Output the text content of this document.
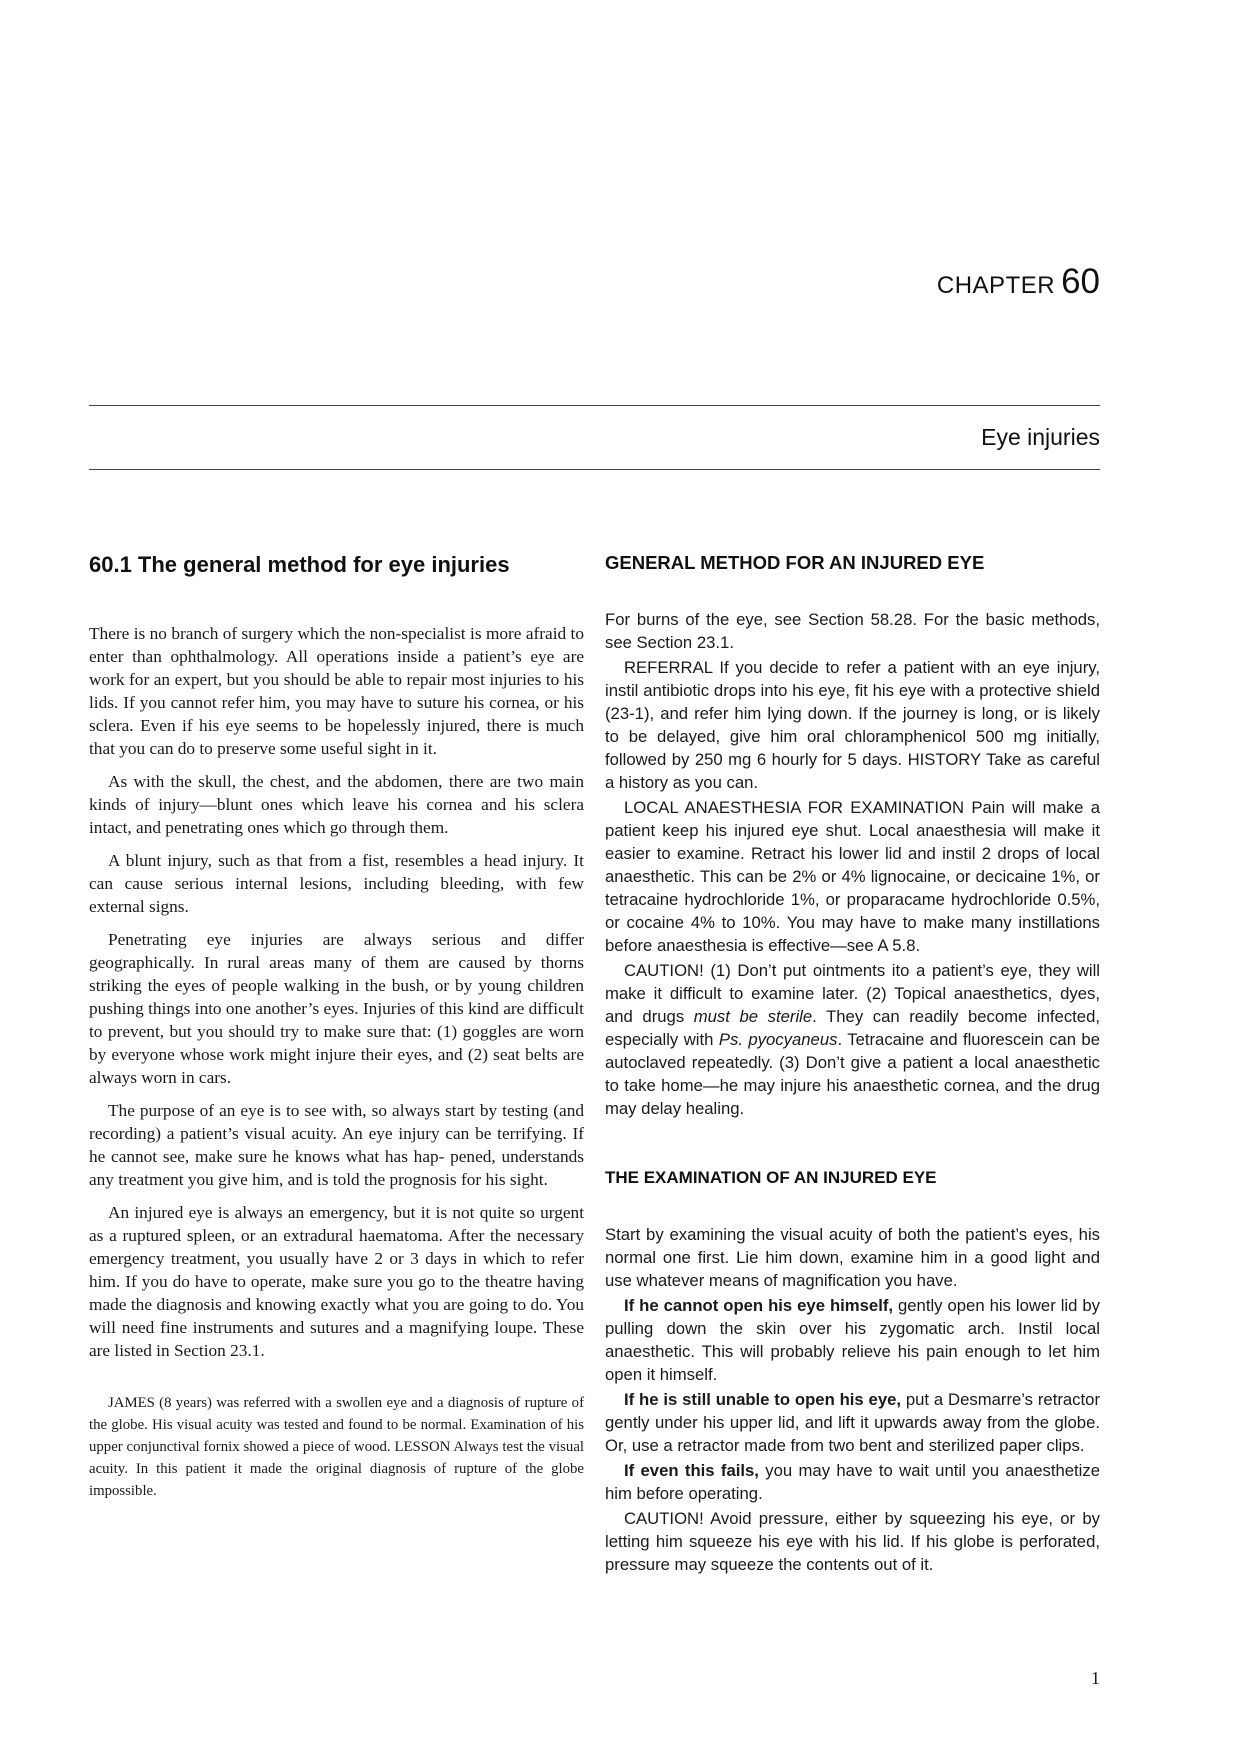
CHAPTER 60
Eye injuries
60.1 The general method for eye injuries

There is no branch of surgery which the non-specialist is more afraid to enter than ophthalmology. All operations inside a patient’s eye are work for an expert, but you should be able to repair most injuries to his lids. If you cannot refer him, you may have to suture his cornea, or his sclera. Even if his eye seems to be hopelessly injured, there is much that you can do to preserve some useful sight in it.

As with the skull, the chest, and the abdomen, there are two main kinds of injury—blunt ones which leave his cornea and his sclera intact, and penetrating ones which go through them.

A blunt injury, such as that from a fist, resembles a head injury. It can cause serious internal lesions, including bleeding, with few external signs.

Penetrating eye injuries are always serious and differ geographically. In rural areas many of them are caused by thorns striking the eyes of people walking in the bush, or by young children pushing things into one another’s eyes. Injuries of this kind are difficult to prevent, but you should try to make sure that: (1) goggles are worn by everyone whose work might injure their eyes, and (2) seat belts are always worn in cars.

The purpose of an eye is to see with, so always start by testing (and recording) a patient’s visual acuity. An eye injury can be terrifying. If he cannot see, make sure he knows what has hap- pened, understands any treatment you give him, and is told the prognosis for his sight.

An injured eye is always an emergency, but it is not quite so urgent as a ruptured spleen, or an extradural haematoma. After the necessary emergency treatment, you usually have 2 or 3 days in which to refer him. If you do have to operate, make sure you go to the theatre having made the diagnosis and knowing exactly what you are going to do. You will need fine instruments and sutures and a magnifying loupe. These are listed in Section 23.1.

JAMES (8 years) was referred with a swollen eye and a diagnosis of rupture of the globe. His visual acuity was tested and found to be normal. Examination of his upper conjunctival fornix showed a piece of wood. LESSON Always test the visual acuity. In this patient it made the original diagnosis of rupture of the globe impossible.

GENERAL METHOD FOR AN INJURED EYE

For burns of the eye, see Section 58.28. For the basic methods, see Section 23.1.

REFERRAL If you decide to refer a patient with an eye injury, instil antibiotic drops into his eye, fit his eye with a protective shield (23-1), and refer him lying down. If the journey is long, or is likely to be delayed, give him oral chloramphenicol 500 mg initially, followed by 250 mg 6 hourly for 5 days. HISTORY Take as careful a history as you can.

LOCAL ANAESTHESIA FOR EXAMINATION Pain will make a patient keep his injured eye shut. Local anaesthesia will make it easier to examine. Retract his lower lid and instil 2 drops of local anaesthetic. This can be 2% or 4% lignocaine, or decicaine 1%, or tetracaine hydrochloride 1%, or proparacame hydrochloride 0.5%, or cocaine 4% to 10%. You may have to make many instillations before anaesthesia is effective—see A 5.8.

CAUTION! (1) Don’t put ointments ito a patient’s eye, they will make it difficult to examine later. (2) Topical anaesthetics, dyes, and drugs must be sterile. They can readily become infected, especially with Ps. pyocyaneus. Tetracaine and fluorescein can be autoclaved repeatedly. (3) Don’t give a patient a local anaesthetic to take home—he may injure his anaesthetic cornea, and the drug may delay healing.

THE EXAMINATION OF AN INJURED EYE

Start by examining the visual acuity of both the patient’s eyes, his normal one first. Lie him down, examine him in a good light and use whatever means of magnification you have.

If he cannot open his eye himself, gently open his lower lid by pulling down the skin over his zygomatic arch. Instil local anaesthetic. This will probably relieve his pain enough to let him open it himself.

If he is still unable to open his eye, put a Desmarre’s retractor gently under his upper lid, and lift it upwards away from the globe. Or, use a retractor made from two bent and sterilized paper clips.

If even this fails, you may have to wait until you anaesthetize him before operating.

CAUTION! Avoid pressure, either by squeezing his eye, or by letting him squeeze his eye with his lid. If his globe is perforated, pressure may squeeze the contents out of it.

1
